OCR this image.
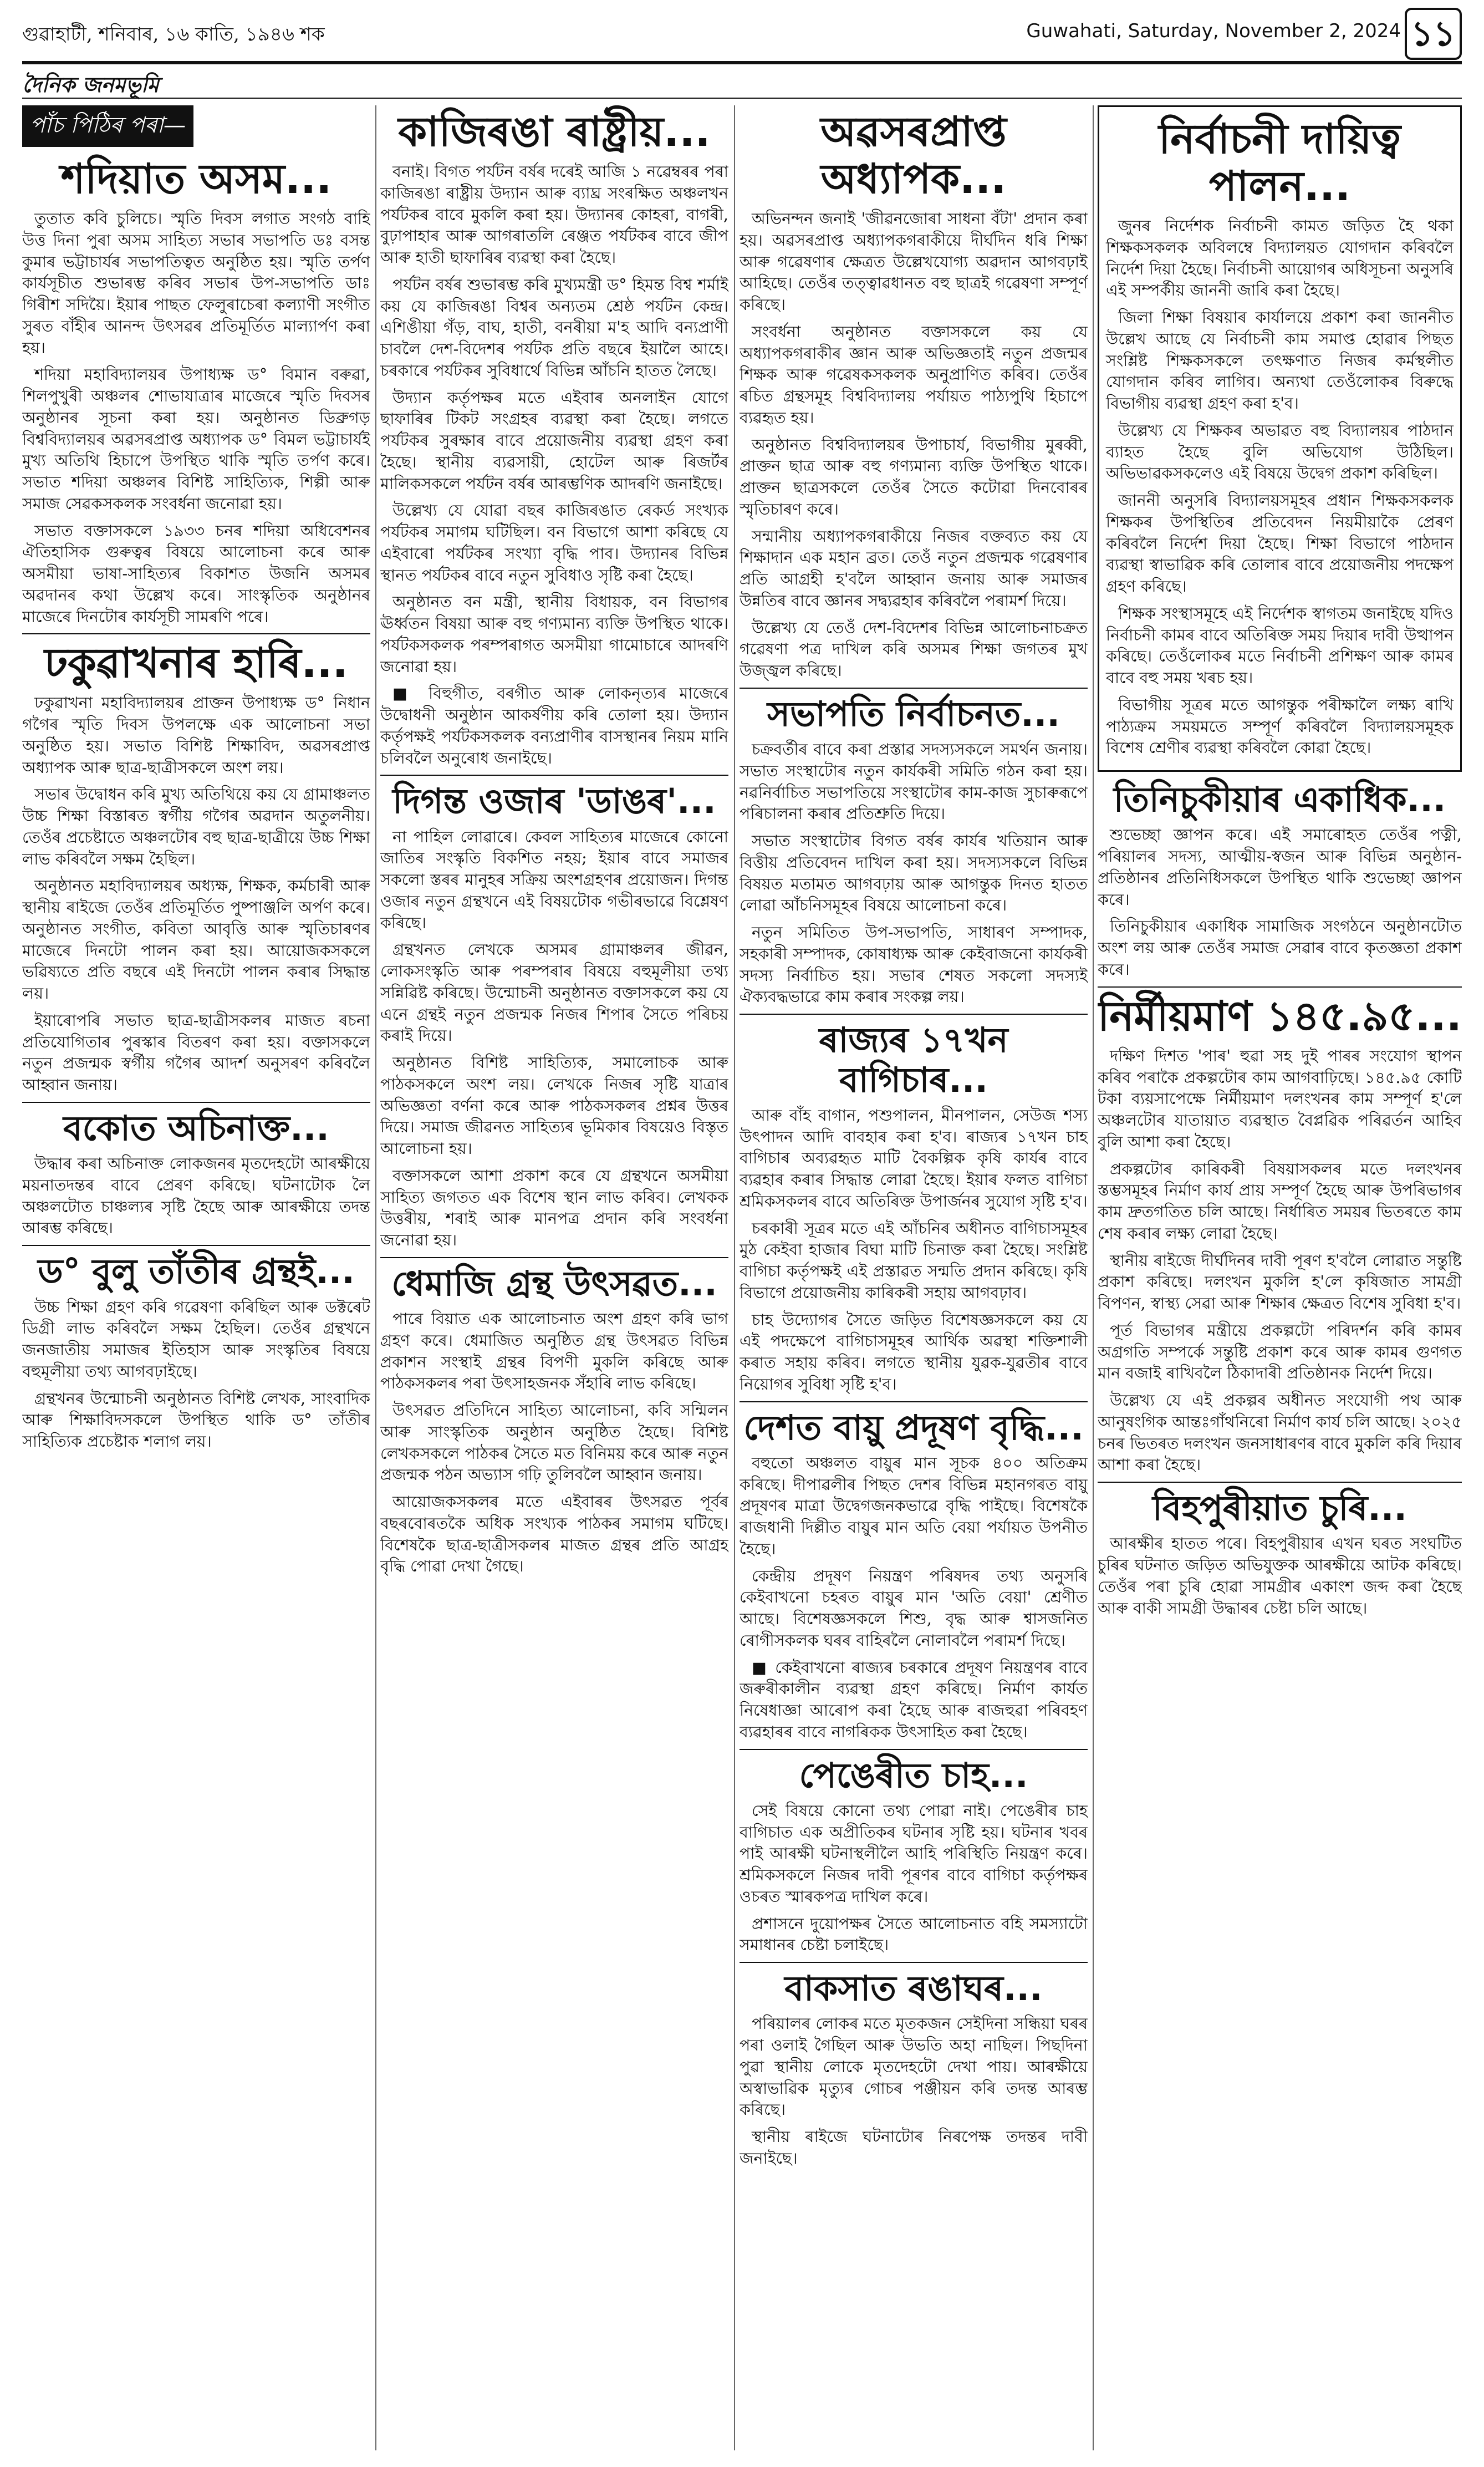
গুৱাহাটী, শনিবাৰ, ১৬ কাতি, ১৯৪৬ শক	Guwahati, Saturday, November 2, 2024 ১১
দৈনিক জনমভূমি
পাঁচ পিঠিৰ পৰা—
শদিয়াত অসম...

তুতাত কবি চুলিচে। স্মৃতি দিবস লগাত সংগঠ বাহি উত্ত দিনা পুৰা অসম সাহিত্য সভাৰ সভাপতি ডঃ বসন্ত কুমাৰ ভট্টাচাৰ্যৰ সভাপতিত্বত অনুষ্ঠিত হয়। স্মৃতি তৰ্পণ কাৰ্যসূচীত শুভাৰম্ভ কৰিব সভাৰ উপ-সভাপতি ডাঃ গিৰীশ সদিয়ৈ। ইয়াৰ পাছত ফেলুৰাচেৰা কল্যাণী সংগীত সুৰত বাঁহীৰ আনন্দ উৎসৱৰ প্ৰতিমূৰ্তিত মাল্যাৰ্পণ কৰা হয়।

শদিয়া মহাবিদ্যালয়ৰ উপাধ্যক্ষ ড° বিমান বৰুৱা, শিলপুখুৰী অঞ্চলৰ শোভাযাত্ৰাৰ মাজেৰে স্মৃতি দিবসৰ অনুষ্ঠানৰ সূচনা কৰা হয়। অনুষ্ঠানত ডিব্ৰুগড় বিশ্ববিদ্যালয়ৰ অৱসৰপ্ৰাপ্ত অধ্যাপক ড° বিমল ভট্টাচাৰ্যই মুখ্য অতিথি হিচাপে উপস্থিত থাকি স্মৃতি তৰ্পণ কৰে। সভাত শদিয়া অঞ্চলৰ বিশিষ্ট সাহিত্যিক, শিল্পী আৰু সমাজ সেৱকসকলক সংবৰ্ধনা জনোৱা হয়।

সভাত বক্তাসকলে ১৯৩৩ চনৰ শদিয়া অধিবেশনৰ ঐতিহাসিক গুৰুত্বৰ বিষয়ে আলোচনা কৰে আৰু অসমীয়া ভাষা-সাহিত্যৰ বিকাশত উজনি অসমৰ অৱদানৰ কথা উল্লেখ কৰে। সাংস্কৃতিক অনুষ্ঠানৰ মাজেৰে দিনটোৰ কাৰ্যসূচী সামৰণি পৰে।

ঢকুৱাখনাৰ হাৰি...

ঢকুৱাখনা মহাবিদ্যালয়ৰ প্ৰাক্তন উপাধ্যক্ষ ড° নিধান গগৈৰ স্মৃতি দিবস উপলক্ষে এক আলোচনা সভা অনুষ্ঠিত হয়। সভাত বিশিষ্ট শিক্ষাবিদ, অৱসৰপ্ৰাপ্ত অধ্যাপক আৰু ছাত্ৰ-ছাত্ৰীসকলে অংশ লয়।

সভাৰ উদ্বোধন কৰি মুখ্য অতিথিয়ে কয় যে গ্ৰামাঞ্চলত উচ্চ শিক্ষা বিস্তাৰত স্বৰ্গীয় গগৈৰ অৱদান অতুলনীয়। তেওঁৰ প্ৰচেষ্টাতে অঞ্চলটোৰ বহু ছাত্ৰ-ছাত্ৰীয়ে উচ্চ শিক্ষা লাভ কৰিবলৈ সক্ষম হৈছিল।

অনুষ্ঠানত মহাবিদ্যালয়ৰ অধ্যক্ষ, শিক্ষক, কৰ্মচাৰী আৰু স্থানীয় ৰাইজে তেওঁৰ প্ৰতিমূৰ্তিত পুষ্পাঞ্জলি অৰ্পণ কৰে। অনুষ্ঠানত সংগীত, কবিতা আবৃত্তি আৰু স্মৃতিচাৰণৰ মাজেৰে দিনটো পালন কৰা হয়। আয়োজকসকলে ভৱিষ্যতে প্ৰতি বছৰে এই দিনটো পালন কৰাৰ সিদ্ধান্ত লয়।

ইয়াৰোপৰি সভাত ছাত্ৰ-ছাত্ৰীসকলৰ মাজত ৰচনা প্ৰতিযোগিতাৰ পুৰস্কাৰ বিতৰণ কৰা হয়। বক্তাসকলে নতুন প্ৰজন্মক স্বৰ্গীয় গগৈৰ আদৰ্শ অনুসৰণ কৰিবলৈ আহ্বান জনায়।

বকোত অচিনাক্ত...

উদ্ধাৰ কৰা অচিনাক্ত লোকজনৰ মৃতদেহটো আৰক্ষীয়ে ময়নাতদন্তৰ বাবে প্ৰেৰণ কৰিছে। ঘটনাটোক লৈ অঞ্চলটোত চাঞ্চল্যৰ সৃষ্টি হৈছে আৰু আৰক্ষীয়ে তদন্ত আৰম্ভ কৰিছে।

ড° বুলু তাঁতীৰ গ্ৰন্থই...

উচ্চ শিক্ষা গ্ৰহণ কৰি গৱেষণা কৰিছিল আৰু ডক্টৰেট ডিগ্ৰী লাভ কৰিবলৈ সক্ষম হৈছিল। তেওঁৰ গ্ৰন্থখনে জনজাতীয় সমাজৰ ইতিহাস আৰু সংস্কৃতিৰ বিষয়ে বহুমূলীয়া তথ্য আগবঢ়াইছে।

গ্ৰন্থখনৰ উন্মোচনী অনুষ্ঠানত বিশিষ্ট লেখক, সাংবাদিক আৰু শিক্ষাবিদসকলে উপস্থিত থাকি ড° তাঁতীৰ সাহিত্যিক প্ৰচেষ্টাক শলাগ লয়।

কাজিৰঙা ৰাষ্ট্ৰীয়...

বনাই। বিগত পৰ্যটন বৰ্ষৰ দৰেই আজি ১ নৱেম্বৰৰ পৰা কাজিৰঙা ৰাষ্ট্ৰীয় উদ্যান আৰু ব্যাঘ্ৰ সংৰক্ষিত অঞ্চলখন পৰ্যটকৰ বাবে মুকলি কৰা হয়। উদ্যানৰ কোহৰা, বাগৰী, বুঢ়াপাহাৰ আৰু আগৰাতলি ৰেঞ্জত পৰ্যটকৰ বাবে জীপ আৰু হাতী ছাফাৰিৰ ব্যৱস্থা কৰা হৈছে।

পৰ্যটন বৰ্ষৰ শুভাৰম্ভ কৰি মুখ্যমন্ত্ৰী ড° হিমন্ত বিশ্ব শৰ্মাই কয় যে কাজিৰঙা বিশ্বৰ অন্যতম শ্ৰেষ্ঠ পৰ্যটন কেন্দ্ৰ। এশিঙীয়া গঁড়, বাঘ, হাতী, বনৰীয়া ম'হ আদি বন্যপ্ৰাণী চাবলৈ দেশ-বিদেশৰ পৰ্যটক প্ৰতি বছৰে ইয়ালৈ আহে। চৰকাৰে পৰ্যটকৰ সুবিধাৰ্থে বিভিন্ন আঁচনি হাতত লৈছে।

উদ্যান কৰ্তৃপক্ষৰ মতে এইবাৰ অনলাইন যোগে ছাফাৰিৰ টিকট সংগ্ৰহৰ ব্যৱস্থা কৰা হৈছে। লগতে পৰ্যটকৰ সুৰক্ষাৰ বাবে প্ৰয়োজনীয় ব্যৱস্থা গ্ৰহণ কৰা হৈছে। স্থানীয় ব্যৱসায়ী, হোটেল আৰু ৰিজৰ্টৰ মালিকসকলে পৰ্যটন বৰ্ষৰ আৰম্ভণিক আদৰণি জনাইছে।

উল্লেখ্য যে যোৱা বছৰ কাজিৰঙাত ৰেকৰ্ড সংখ্যক পৰ্যটকৰ সমাগম ঘটিছিল। বন বিভাগে আশা কৰিছে যে এইবাৰো পৰ্যটকৰ সংখ্যা বৃদ্ধি পাব। উদ্যানৰ বিভিন্ন স্থানত পৰ্যটকৰ বাবে নতুন সুবিধাও সৃষ্টি কৰা হৈছে।

অনুষ্ঠানত বন মন্ত্ৰী, স্থানীয় বিধায়ক, বন বিভাগৰ ঊৰ্ধ্বতন বিষয়া আৰু বহু গণ্যমান্য ব্যক্তি উপস্থিত থাকে। পৰ্যটকসকলক পৰম্পৰাগত অসমীয়া গামোচাৰে আদৰণি জনোৱা হয়।

■ বিহুগীত, বৰগীত আৰু লোকনৃত্যৰ মাজেৰে উদ্বোধনী অনুষ্ঠান আকৰ্ষণীয় কৰি তোলা হয়। উদ্যান কৰ্তৃপক্ষই পৰ্যটকসকলক বন্যপ্ৰাণীৰ বাসস্থানৰ নিয়ম মানি চলিবলৈ অনুৰোধ জনাইছে।

দিগন্ত ওজাৰ 'ডাঙৰ'...

না পাহিল লোৱাৰে। কেবল সাহিত্যৰ মাজেৰে কোনো জাতিৰ সংস্কৃতি বিকশিত নহয়; ইয়াৰ বাবে সমাজৰ সকলো স্তৰৰ মানুহৰ সক্ৰিয় অংশগ্ৰহণৰ প্ৰয়োজন। দিগন্ত ওজাৰ নতুন গ্ৰন্থখনে এই বিষয়টোক গভীৰভাৱে বিশ্লেষণ কৰিছে।

গ্ৰন্থখনত লেখকে অসমৰ গ্ৰামাঞ্চলৰ জীৱন, লোকসংস্কৃতি আৰু পৰম্পৰাৰ বিষয়ে বহুমূলীয়া তথ্য সন্নিৱিষ্ট কৰিছে। উন্মোচনী অনুষ্ঠানত বক্তাসকলে কয় যে এনে গ্ৰন্থই নতুন প্ৰজন্মক নিজৰ শিপাৰ সৈতে পৰিচয় কৰাই দিয়ে।

অনুষ্ঠানত বিশিষ্ট সাহিত্যিক, সমালোচক আৰু পাঠকসকলে অংশ লয়। লেখকে নিজৰ সৃষ্টি যাত্ৰাৰ অভিজ্ঞতা বৰ্ণনা কৰে আৰু পাঠকসকলৰ প্ৰশ্নৰ উত্তৰ দিয়ে। সমাজ জীৱনত সাহিত্যৰ ভূমিকাৰ বিষয়েও বিস্তৃত আলোচনা হয়।

বক্তাসকলে আশা প্ৰকাশ কৰে যে গ্ৰন্থখনে অসমীয়া সাহিত্য জগতত এক বিশেষ স্থান লাভ কৰিব। লেখকক উত্তৰীয়, শৰাই আৰু মানপত্ৰ প্ৰদান কৰি সংবৰ্ধনা জনোৱা হয়।

ধেমাজি গ্ৰন্থ উৎসৱত...

পাৰে বিয়াত এক আলোচনাত অংশ গ্ৰহণ কৰি ভাগ গ্ৰহণ কৰে। ধেমাজিত অনুষ্ঠিত গ্ৰন্থ উৎসৱত বিভিন্ন প্ৰকাশন সংস্থাই গ্ৰন্থৰ বিপণী মুকলি কৰিছে আৰু পাঠকসকলৰ পৰা উৎসাহজনক সঁহাৰি লাভ কৰিছে।

উৎসৱত প্ৰতিদিনে সাহিত্য আলোচনা, কবি সন্মিলন আৰু সাংস্কৃতিক অনুষ্ঠান অনুষ্ঠিত হৈছে। বিশিষ্ট লেখকসকলে পাঠকৰ সৈতে মত বিনিময় কৰে আৰু নতুন প্ৰজন্মক পঠন অভ্যাস গঢ়ি তুলিবলৈ আহ্বান জনায়।

আয়োজকসকলৰ মতে এইবাৰৰ উৎসৱত পূৰ্বৰ বছৰবোৰতকৈ অধিক সংখ্যক পাঠকৰ সমাগম ঘটিছে। বিশেষকৈ ছাত্ৰ-ছাত্ৰীসকলৰ মাজত গ্ৰন্থৰ প্ৰতি আগ্ৰহ বৃদ্ধি পোৱা দেখা গৈছে।

অৱসৰপ্ৰাপ্ত অধ্যাপক...

অভিনন্দন জনাই 'জীৱনজোৰা সাধনা বঁটা' প্ৰদান কৰা হয়। অৱসৰপ্ৰাপ্ত অধ্যাপকগৰাকীয়ে দীৰ্ঘদিন ধৰি শিক্ষা আৰু গৱেষণাৰ ক্ষেত্ৰত উল্লেখযোগ্য অৱদান আগবঢ়াই আহিছে। তেওঁৰ তত্ত্বাৱধানত বহু ছাত্ৰই গৱেষণা সম্পূৰ্ণ কৰিছে।

সংবৰ্ধনা অনুষ্ঠানত বক্তাসকলে কয় যে অধ্যাপকগৰাকীৰ জ্ঞান আৰু অভিজ্ঞতাই নতুন প্ৰজন্মৰ শিক্ষক আৰু গৱেষকসকলক অনুপ্ৰাণিত কৰিব। তেওঁৰ ৰচিত গ্ৰন্থসমূহ বিশ্ববিদ্যালয় পৰ্যায়ত পাঠ্যপুথি হিচাপে ব্যৱহৃত হয়।

অনুষ্ঠানত বিশ্ববিদ্যালয়ৰ উপাচাৰ্য, বিভাগীয় মুৰব্বী, প্ৰাক্তন ছাত্ৰ আৰু বহু গণ্যমান্য ব্যক্তি উপস্থিত থাকে। প্ৰাক্তন ছাত্ৰসকলে তেওঁৰ সৈতে কটোৱা দিনবোৰৰ স্মৃতিচাৰণ কৰে।

সন্মানীয় অধ্যাপকগৰাকীয়ে নিজৰ বক্তব্যত কয় যে শিক্ষাদান এক মহান ব্ৰত। তেওঁ নতুন প্ৰজন্মক গৱেষণাৰ প্ৰতি আগ্ৰহী হ'বলৈ আহ্বান জনায় আৰু সমাজৰ উন্নতিৰ বাবে জ্ঞানৰ সদ্ব্যৱহাৰ কৰিবলৈ পৰামৰ্শ দিয়ে।

উল্লেখ্য যে তেওঁ দেশ-বিদেশৰ বিভিন্ন আলোচনাচক্ৰত গৱেষণা পত্ৰ দাখিল কৰি অসমৰ শিক্ষা জগতৰ মুখ উজ্জ্বল কৰিছে।

সভাপতি নিৰ্বাচনত...

চক্ৰবৰ্তীৰ বাবে কৰা প্ৰস্তাৱ সদস্যসকলে সমৰ্থন জনায়। সভাত সংস্থাটোৰ নতুন কাৰ্যকৰী সমিতি গঠন কৰা হয়। নৱনিৰ্বাচিত সভাপতিয়ে সংস্থাটোৰ কাম-কাজ সুচাৰুৰূপে পৰিচালনা কৰাৰ প্ৰতিশ্ৰুতি দিয়ে।

সভাত সংস্থাটোৰ বিগত বৰ্ষৰ কাৰ্যৰ খতিয়ান আৰু বিত্তীয় প্ৰতিবেদন দাখিল কৰা হয়। সদস্যসকলে বিভিন্ন বিষয়ত মতামত আগবঢ়ায় আৰু আগন্তুক দিনত হাতত লোৱা আঁচনিসমূহৰ বিষয়ে আলোচনা কৰে।

নতুন সমিতিত উপ-সভাপতি, সাধাৰণ সম্পাদক, সহকাৰী সম্পাদক, কোষাধ্যক্ষ আৰু কেইবাজনো কাৰ্যকৰী সদস্য নিৰ্বাচিত হয়। সভাৰ শেষত সকলো সদস্যই ঐক্যবদ্ধভাৱে কাম কৰাৰ সংকল্প লয়।

ৰাজ্যৰ ১৭খন বাগিচাৰ...

আৰু বাঁহ বাগান, পশুপালন, মীনপালন, সেউজ শস্য উৎপাদন আদি বাবহাৰ কৰা হ'ব। ৰাজ্যৰ ১৭খন চাহ বাগিচাৰ অব্যৱহৃত মাটি বৈকল্পিক কৃষি কাৰ্যৰ বাবে ব্যৱহাৰ কৰাৰ সিদ্ধান্ত লোৱা হৈছে। ইয়াৰ ফলত বাগিচা শ্ৰমিকসকলৰ বাবে অতিৰিক্ত উপাৰ্জনৰ সুযোগ সৃষ্টি হ'ব।

চৰকাৰী সূত্ৰৰ মতে এই আঁচনিৰ অধীনত বাগিচাসমূহৰ মুঠ কেইবা হাজাৰ বিঘা মাটি চিনাক্ত কৰা হৈছে। সংশ্লিষ্ট বাগিচা কৰ্তৃপক্ষই এই প্ৰস্তাৱত সন্মতি প্ৰদান কৰিছে। কৃষি বিভাগে প্ৰয়োজনীয় কাৰিকৰী সহায় আগবঢ়াব।

চাহ উদ্যোগৰ সৈতে জড়িত বিশেষজ্ঞসকলে কয় যে এই পদক্ষেপে বাগিচাসমূহৰ আৰ্থিক অৱস্থা শক্তিশালী কৰাত সহায় কৰিব। লগতে স্থানীয় যুৱক-যুৱতীৰ বাবে নিয়োগৰ সুবিধা সৃষ্টি হ'ব।

দেশত বায়ু প্ৰদূষণ বৃদ্ধি...

বহুতো অঞ্চলত বায়ুৰ মান সূচক ৪০০ অতিক্ৰম কৰিছে। দীপাৱলীৰ পিছত দেশৰ বিভিন্ন মহানগৰত বায়ু প্ৰদূষণৰ মাত্ৰা উদ্বেগজনকভাৱে বৃদ্ধি পাইছে। বিশেষকৈ ৰাজধানী দিল্লীত বায়ুৰ মান অতি বেয়া পৰ্যায়ত উপনীত হৈছে।

কেন্দ্ৰীয় প্ৰদূষণ নিয়ন্ত্ৰণ পৰিষদৰ তথ্য অনুসৰি কেইবাখনো চহৰত বায়ুৰ মান 'অতি বেয়া' শ্ৰেণীত আছে। বিশেষজ্ঞসকলে শিশু, বৃদ্ধ আৰু শ্বাসজনিত ৰোগীসকলক ঘৰৰ বাহিৰলৈ নোলাবলৈ পৰামৰ্শ দিছে।

■ কেইবাখনো ৰাজ্যৰ চৰকাৰে প্ৰদূষণ নিয়ন্ত্ৰণৰ বাবে জৰুৰীকালীন ব্যৱস্থা গ্ৰহণ কৰিছে। নিৰ্মাণ কাৰ্যত নিষেধাজ্ঞা আৰোপ কৰা হৈছে আৰু ৰাজহুৱা পৰিবহণ ব্যৱহাৰৰ বাবে নাগৰিকক উৎসাহিত কৰা হৈছে।

পেঙেৰীত চাহ...

সেই বিষয়ে কোনো তথ্য পোৱা নাই। পেঙেৰীৰ চাহ বাগিচাত এক অপ্ৰীতিকৰ ঘটনাৰ সৃষ্টি হয়। ঘটনাৰ খবৰ পাই আৰক্ষী ঘটনাস্থলীলৈ আহি পৰিস্থিতি নিয়ন্ত্ৰণ কৰে। শ্ৰমিকসকলে নিজৰ দাবী পূৰণৰ বাবে বাগিচা কৰ্তৃপক্ষৰ ওচৰত স্মাৰকপত্ৰ দাখিল কৰে।

প্ৰশাসনে দুয়োপক্ষৰ সৈতে আলোচনাত বহি সমস্যাটো সমাধানৰ চেষ্টা চলাইছে।

বাকসাত ৰঙাঘৰ...

পৰিয়ালৰ লোকৰ মতে মৃতকজন সেইদিনা সন্ধিয়া ঘৰৰ পৰা ওলাই গৈছিল আৰু উভতি অহা নাছিল। পিছদিনা পুৱা স্থানীয় লোকে মৃতদেহটো দেখা পায়। আৰক্ষীয়ে অস্বাভাৱিক মৃত্যুৰ গোচৰ পঞ্জীয়ন কৰি তদন্ত আৰম্ভ কৰিছে।

স্থানীয় ৰাইজে ঘটনাটোৰ নিৰপেক্ষ তদন্তৰ দাবী জনাইছে।

নিৰ্বাচনী দায়িত্ব পালন...

জুনৰ নিৰ্দেশক নিৰ্বাচনী কামত জড়িত হৈ থকা শিক্ষকসকলক অবিলম্বে বিদ্যালয়ত যোগদান কৰিবলৈ নিৰ্দেশ দিয়া হৈছে। নিৰ্বাচনী আয়োগৰ অধিসূচনা অনুসৰি এই সম্পৰ্কীয় জাননী জাৰি কৰা হৈছে।

জিলা শিক্ষা বিষয়াৰ কাৰ্যালয়ে প্ৰকাশ কৰা জাননীত উল্লেখ আছে যে নিৰ্বাচনী কাম সমাপ্ত হোৱাৰ পিছত সংশ্লিষ্ট শিক্ষকসকলে তৎক্ষণাত নিজৰ কৰ্মস্থলীত যোগদান কৰিব লাগিব। অন্যথা তেওঁলোকৰ বিৰুদ্ধে বিভাগীয় ব্যৱস্থা গ্ৰহণ কৰা হ'ব।

উল্লেখ্য যে শিক্ষকৰ অভাৱত বহু বিদ্যালয়ৰ পাঠদান ব্যাহত হৈছে বুলি অভিযোগ উঠিছিল। অভিভাৱকসকলেও এই বিষয়ে উদ্বেগ প্ৰকাশ কৰিছিল।

জাননী অনুসৰি বিদ্যালয়সমূহৰ প্ৰধান শিক্ষকসকলক শিক্ষকৰ উপস্থিতিৰ প্ৰতিবেদন নিয়মীয়াকৈ প্ৰেৰণ কৰিবলৈ নিৰ্দেশ দিয়া হৈছে। শিক্ষা বিভাগে পাঠদান ব্যৱস্থা স্বাভাৱিক কৰি তোলাৰ বাবে প্ৰয়োজনীয় পদক্ষেপ গ্ৰহণ কৰিছে।

শিক্ষক সংস্থাসমূহে এই নিৰ্দেশক স্বাগতম জনাইছে যদিও নিৰ্বাচনী কামৰ বাবে অতিৰিক্ত সময় দিয়াৰ দাবী উত্থাপন কৰিছে। তেওঁলোকৰ মতে নিৰ্বাচনী প্ৰশিক্ষণ আৰু কামৰ বাবে বহু সময় খৰচ হয়।

বিভাগীয় সূত্ৰৰ মতে আগন্তুক পৰীক্ষালৈ লক্ষ্য ৰাখি পাঠ্যক্ৰম সময়মতে সম্পূৰ্ণ কৰিবলৈ বিদ্যালয়সমূহক বিশেষ শ্ৰেণীৰ ব্যৱস্থা কৰিবলৈ কোৱা হৈছে।

তিনিচুকীয়াৰ একাধিক...

শুভেচ্ছা জ্ঞাপন কৰে। এই সমাৰোহত তেওঁৰ পত্নী, পৰিয়ালৰ সদস্য, আত্মীয়-স্বজন আৰু বিভিন্ন অনুষ্ঠান-প্ৰতিষ্ঠানৰ প্ৰতিনিধিসকলে উপস্থিত থাকি শুভেচ্ছা জ্ঞাপন কৰে।

তিনিচুকীয়াৰ একাধিক সামাজিক সংগঠনে অনুষ্ঠানটোত অংশ লয় আৰু তেওঁৰ সমাজ সেৱাৰ বাবে কৃতজ্ঞতা প্ৰকাশ কৰে।

নিৰ্মীয়মাণ ১৪৫.৯৫...

দক্ষিণ দিশত 'পাৰ' হুৱা সহ দুই পাৰৰ সংযোগ স্থাপন কৰিব পৰাকৈ প্ৰকল্পটোৰ কাম আগবাঢ়িছে। ১৪৫.৯৫ কোটি টকা ব্যয়সাপেক্ষে নিৰ্মীয়মাণ দলংখনৰ কাম সম্পূৰ্ণ হ'লে অঞ্চলটোৰ যাতায়াত ব্যৱস্থাত বৈপ্লৱিক পৰিৱৰ্তন আহিব বুলি আশা কৰা হৈছে।

প্ৰকল্পটোৰ কাৰিকৰী বিষয়াসকলৰ মতে দলংখনৰ স্তম্ভসমূহৰ নিৰ্মাণ কাৰ্য প্ৰায় সম্পূৰ্ণ হৈছে আৰু উপৰিভাগৰ কাম দ্ৰুতগতিত চলি আছে। নিৰ্ধাৰিত সময়ৰ ভিতৰতে কাম শেষ কৰাৰ লক্ষ্য লোৱা হৈছে।

স্থানীয় ৰাইজে দীৰ্ঘদিনৰ দাবী পূৰণ হ'বলৈ লোৱাত সন্তুষ্টি প্ৰকাশ কৰিছে। দলংখন মুকলি হ'লে কৃষিজাত সামগ্ৰী বিপণন, স্বাস্থ্য সেৱা আৰু শিক্ষাৰ ক্ষেত্ৰত বিশেষ সুবিধা হ'ব।

পূৰ্ত বিভাগৰ মন্ত্ৰীয়ে প্ৰকল্পটো পৰিদৰ্শন কৰি কামৰ অগ্ৰগতি সম্পৰ্কে সন্তুষ্টি প্ৰকাশ কৰে আৰু কামৰ গুণগত মান বজাই ৰাখিবলৈ ঠিকাদাৰী প্ৰতিষ্ঠানক নিৰ্দেশ দিয়ে।

উল্লেখ্য যে এই প্ৰকল্পৰ অধীনত সংযোগী পথ আৰু আনুষংগিক আন্তঃগাঁথনিৰো নিৰ্মাণ কাৰ্য চলি আছে। ২০২৫ চনৰ ভিতৰত দলংখন জনসাধাৰণৰ বাবে মুকলি কৰি দিয়াৰ আশা কৰা হৈছে।

বিহপুৰীয়াত চুৰি...

আৰক্ষীৰ হাতত পৰে। বিহপুৰীয়াৰ এখন ঘৰত সংঘটিত চুৰিৰ ঘটনাত জড়িত অভিযুক্তক আৰক্ষীয়ে আটক কৰিছে। তেওঁৰ পৰা চুৰি হোৱা সামগ্ৰীৰ একাংশ জব্দ কৰা হৈছে আৰু বাকী সামগ্ৰী উদ্ধাৰৰ চেষ্টা চলি আছে।
